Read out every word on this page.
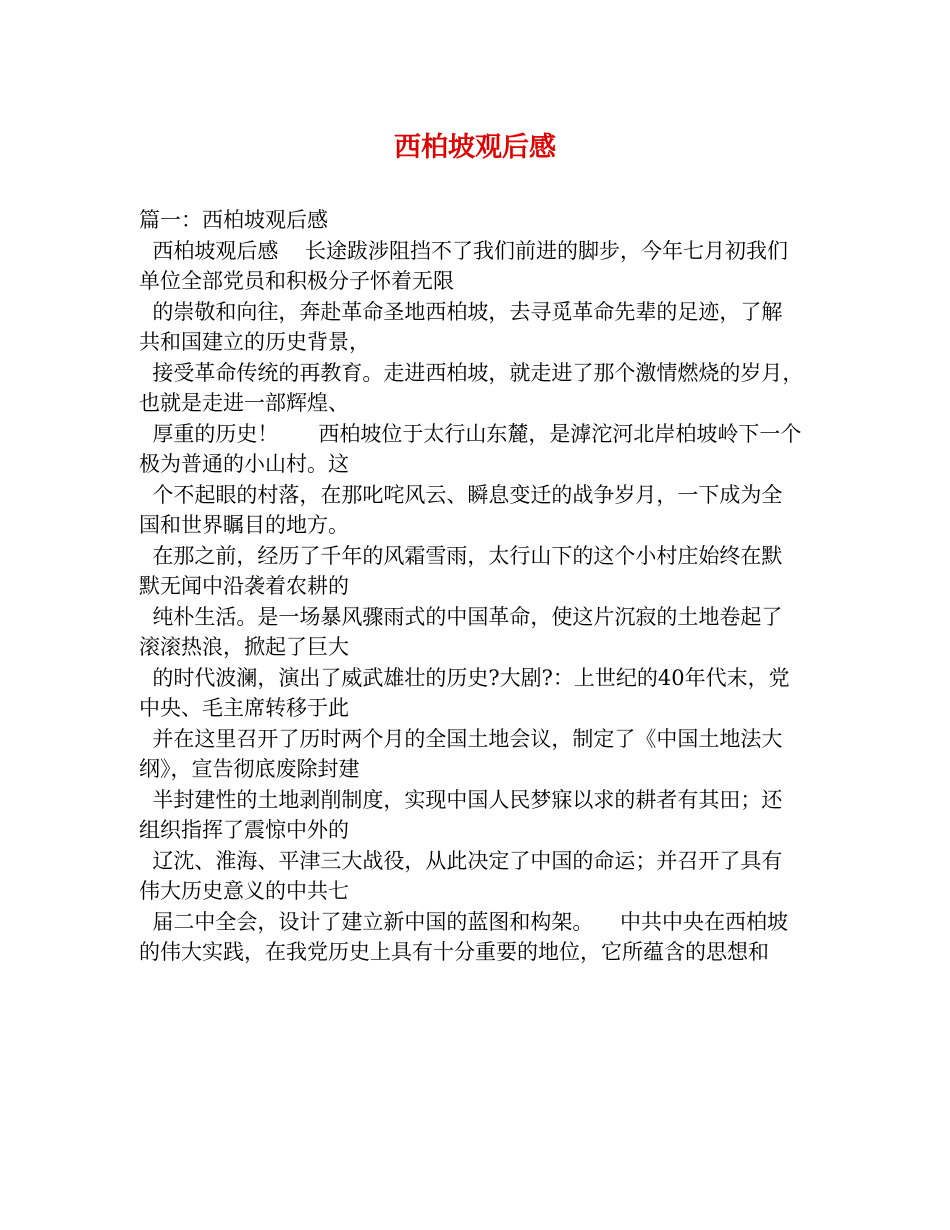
西柏坡观后感

篇一：西柏坡观后感

西柏坡观后感    长途跋涉阻挡不了我们前进的脚步，今年七月初我们

单位全部党员和积极分子怀着无限

的崇敬和向往，奔赴革命圣地西柏坡，去寻觅革命先辈的足迹，了解

共和国建立的历史背景，

接受革命传统的再教育。走进西柏坡，就走进了那个激情燃烧的岁月，

也就是走进一部辉煌、

厚重的历史！      西柏坡位于太行山东麓，是滹沱河北岸柏坡岭下一个

极为普通的小山村。这

个不起眼的村落，在那叱咤风云、瞬息变迁的战争岁月，一下成为全

国和世界瞩目的地方。

在那之前，经历了千年的风霜雪雨，太行山下的这个小村庄始终在默

默无闻中沿袭着农耕的

纯朴生活。是一场暴风骤雨式的中国革命，使这片沉寂的土地卷起了

滚滚热浪，掀起了巨大

的时代波澜，演出了威武雄壮的历史?大剧?：上世纪的40年代末，党

中央、毛主席转移于此

并在这里召开了历时两个月的全国土地会议，制定了《中国土地法大

纲》，宣告彻底废除封建

半封建性的土地剥削制度，实现中国人民梦寐以求的耕者有其田；还

组织指挥了震惊中外的

辽沈、淮海、平津三大战役，从此决定了中国的命运；并召开了具有

伟大历史意义的中共七

届二中全会，设计了建立新中国的蓝图和构架。    中共中央在西柏坡

的伟大实践，在我党历史上具有十分重要的地位，它所蕴含的思想和
